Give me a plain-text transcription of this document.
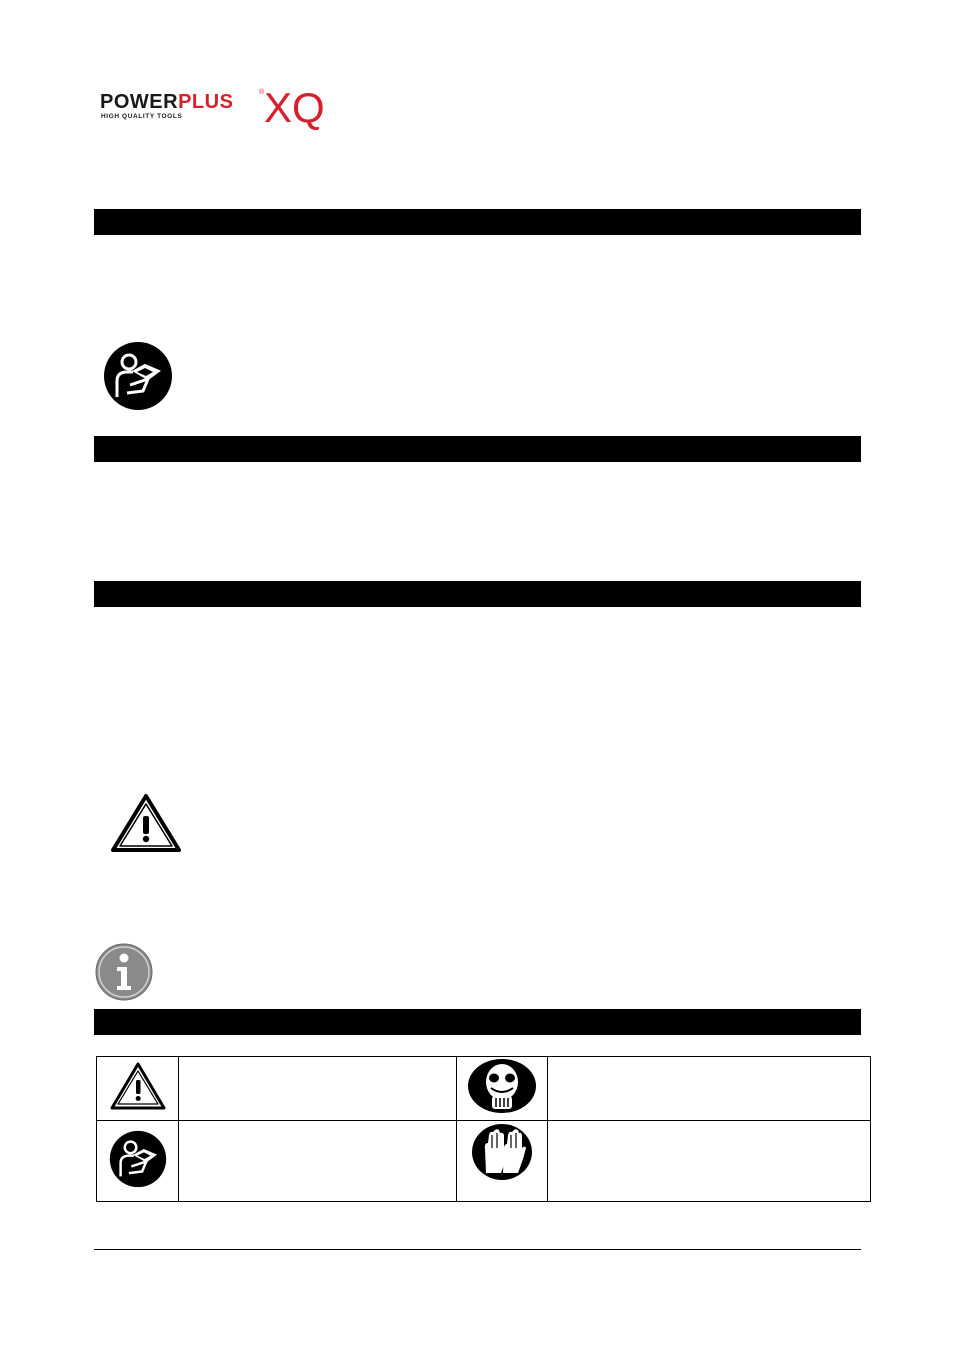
POWERPLUS	®
HIGH QUALITY TOOLS XQ
